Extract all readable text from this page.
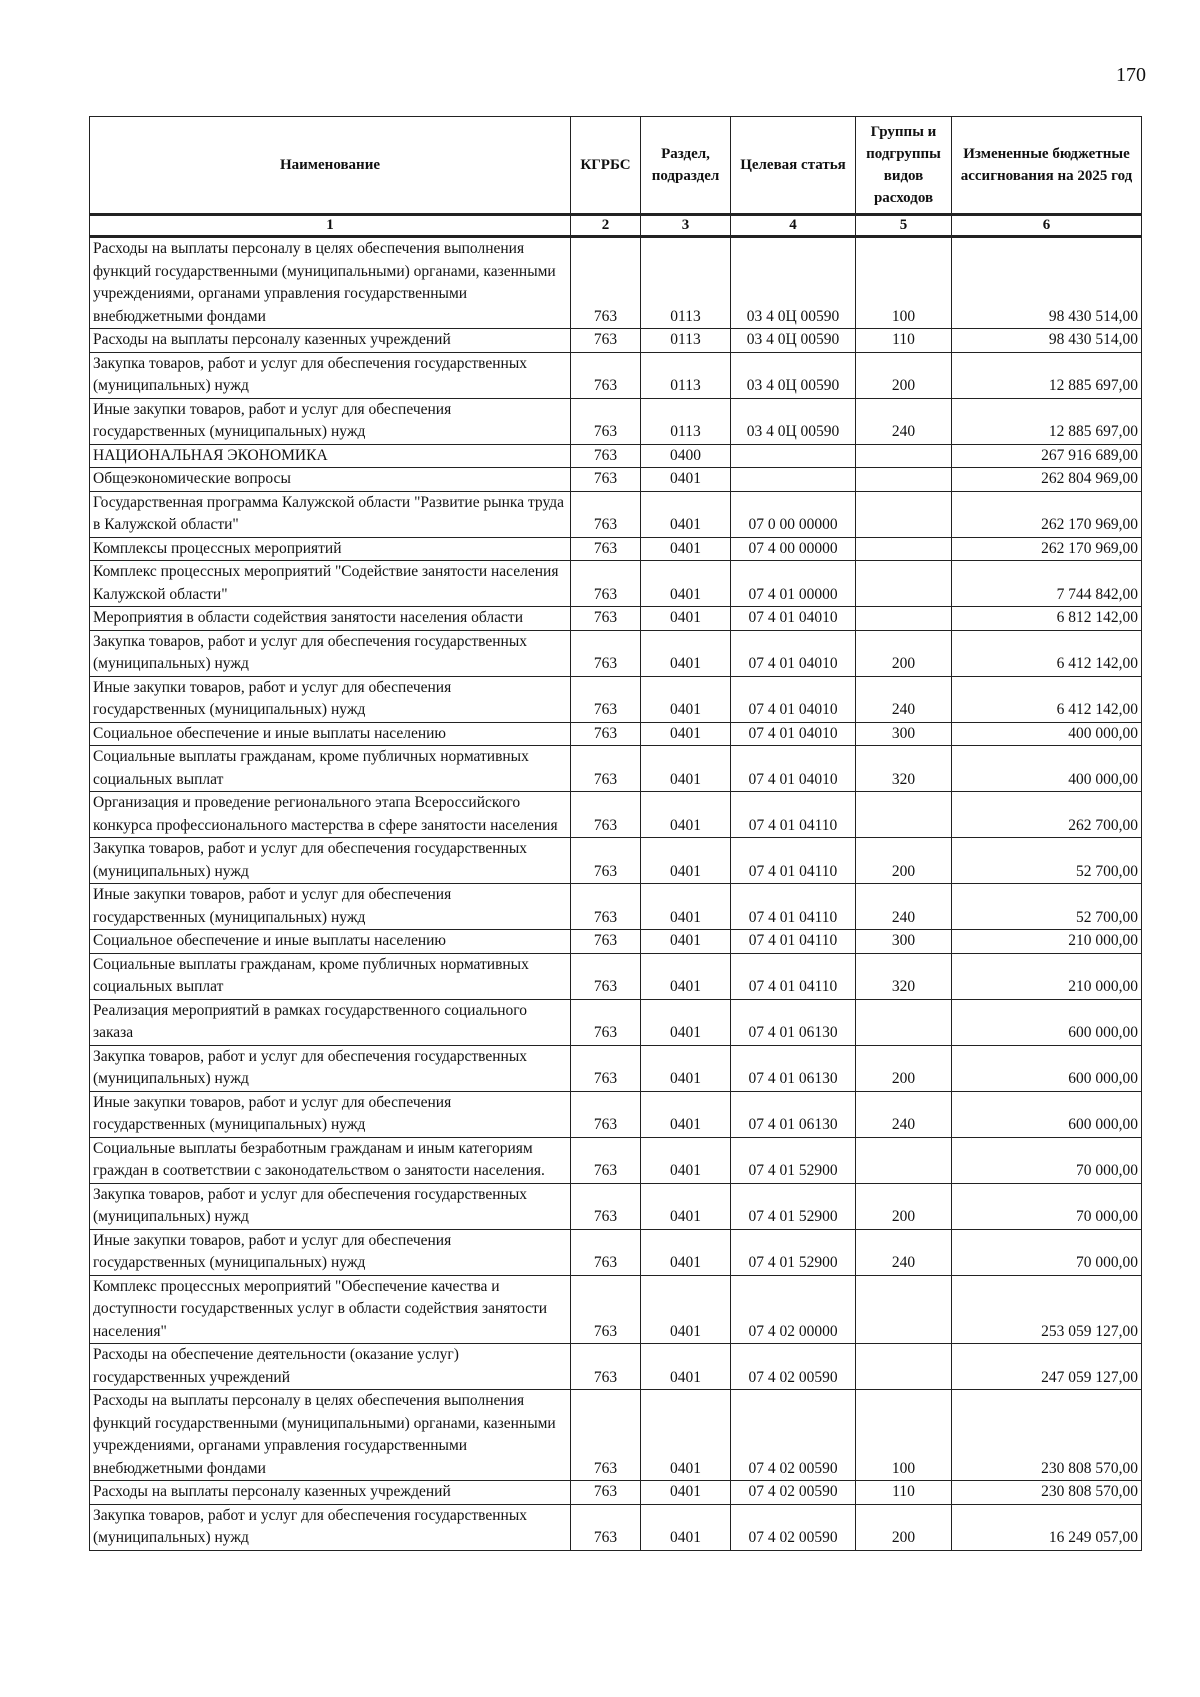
170
Наименование	КГРБС	Раздел, подраздел	Целевая статья	Группы и подгруппы видов расходов	Измененные бюджетные ассигнования на 2025 год
1	2	3	4	5	6
Расходы на выплаты персоналу в целях обеспечения выполнения функций государственными (муниципальными) органами, казенными учреждениями, органами управления государственными внебюджетными фондами	763	0113	03 4 0Ц 00590	100	98 430 514,00
Расходы на выплаты персоналу казенных учреждений	763	0113	03 4 0Ц 00590	110	98 430 514,00
Закупка товаров, работ и услуг для обеспечения государственных (муниципальных) нужд	763	0113	03 4 0Ц 00590	200	12 885 697,00
Иные закупки товаров, работ и услуг для обеспечения государственных (муниципальных) нужд	763	0113	03 4 0Ц 00590	240	12 885 697,00
НАЦИОНАЛЬНАЯ ЭКОНОМИКА	763	0400			267 916 689,00
Общеэкономические вопросы	763	0401			262 804 969,00
Государственная программа Калужской области "Развитие рынка труда в Калужской области"	763	0401	07 0 00 00000		262 170 969,00
Комплексы процессных мероприятий	763	0401	07 4 00 00000		262 170 969,00
Комплекс процессных мероприятий "Содействие занятости населения Калужской области"	763	0401	07 4 01 00000		7 744 842,00
Мероприятия в области содействия занятости населения области	763	0401	07 4 01 04010		6 812 142,00
Закупка товаров, работ и услуг для обеспечения государственных (муниципальных) нужд	763	0401	07 4 01 04010	200	6 412 142,00
Иные закупки товаров, работ и услуг для обеспечения государственных (муниципальных) нужд	763	0401	07 4 01 04010	240	6 412 142,00
Социальное обеспечение и иные выплаты населению	763	0401	07 4 01 04010	300	400 000,00
Социальные выплаты гражданам, кроме публичных нормативных социальных выплат	763	0401	07 4 01 04010	320	400 000,00
Организация и проведение регионального этапа Всероссийского конкурса профессионального мастерства в сфере занятости населения	763	0401	07 4 01 04110		262 700,00
Закупка товаров, работ и услуг для обеспечения государственных (муниципальных) нужд	763	0401	07 4 01 04110	200	52 700,00
Иные закупки товаров, работ и услуг для обеспечения государственных (муниципальных) нужд	763	0401	07 4 01 04110	240	52 700,00
Социальное обеспечение и иные выплаты населению	763	0401	07 4 01 04110	300	210 000,00
Социальные выплаты гражданам, кроме публичных нормативных социальных выплат	763	0401	07 4 01 04110	320	210 000,00
Реализация мероприятий в рамках государственного социального заказа	763	0401	07 4 01 06130		600 000,00
Закупка товаров, работ и услуг для обеспечения государственных (муниципальных) нужд	763	0401	07 4 01 06130	200	600 000,00
Иные закупки товаров, работ и услуг для обеспечения государственных (муниципальных) нужд	763	0401	07 4 01 06130	240	600 000,00
Социальные выплаты безработным гражданам и иным категориям граждан в соответствии с законодательством о занятости населения.	763	0401	07 4 01 52900		70 000,00
Закупка товаров, работ и услуг для обеспечения государственных (муниципальных) нужд	763	0401	07 4 01 52900	200	70 000,00
Иные закупки товаров, работ и услуг для обеспечения государственных (муниципальных) нужд	763	0401	07 4 01 52900	240	70 000,00
Комплекс процессных мероприятий "Обеспечение качества и доступности государственных услуг в области содействия занятости населения"	763	0401	07 4 02 00000		253 059 127,00
Расходы на обеспечение деятельности (оказание услуг) государственных учреждений	763	0401	07 4 02 00590		247 059 127,00
Расходы на выплаты персоналу в целях обеспечения выполнения функций государственными (муниципальными) органами, казенными учреждениями, органами управления государственными внебюджетными фондами	763	0401	07 4 02 00590	100	230 808 570,00
Расходы на выплаты персоналу казенных учреждений	763	0401	07 4 02 00590	110	230 808 570,00
Закупка товаров, работ и услуг для обеспечения государственных (муниципальных) нужд	763	0401	07 4 02 00590	200	16 249 057,00
